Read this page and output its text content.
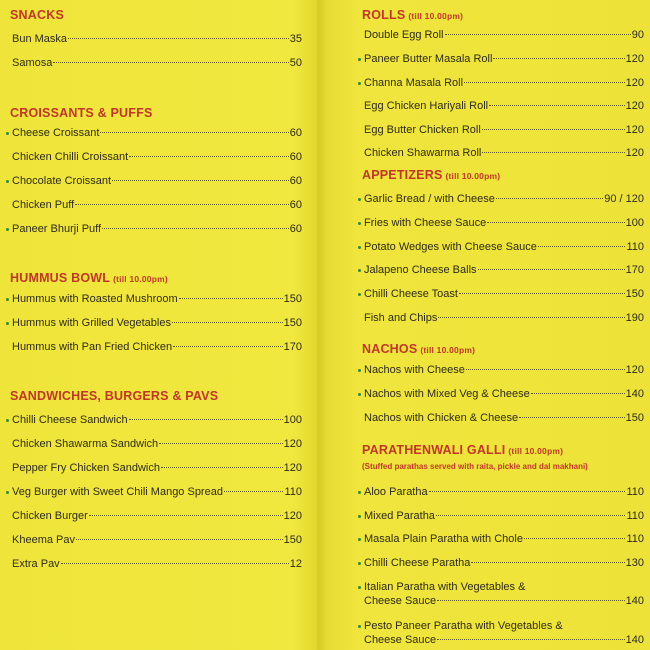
SNACKS
Bun Maska	35
Samosa	50
CROISSANTS & PUFFS
Cheese Croissant	60
Chicken Chilli Croissant	60
Chocolate Croissant	60
Chicken Puff	60
Paneer Bhurji Puff	60
HUMMUS BOWL (till 10.00pm)
Hummus with Roasted Mushroom	150
Hummus with Grilled Vegetables	150
Hummus with Pan Fried Chicken	170
SANDWICHES, BURGERS & PAVS
Chilli Cheese Sandwich	100
Chicken Shawarma Sandwich	120
Pepper Fry Chicken Sandwich	120
Veg Burger with Sweet Chili Mango Spread	110
Chicken Burger	120
Kheema Pav	150
Extra Pav	12
ROLLS (till 10.00pm)
Double Egg Roll	90
Paneer Butter Masala Roll	120
Channa Masala Roll	120
Egg Chicken Hariyali Roll	120
Egg Butter Chicken Roll	120
Chicken Shawarma Roll	120
APPETIZERS (till 10.00pm)
Garlic Bread / with Cheese	90 / 120
Fries with Cheese Sauce	100
Potato Wedges with Cheese Sauce	110
Jalapeno Cheese Balls	170
Chilli Cheese Toast	150
Fish and Chips	190
NACHOS (till 10.00pm)
Nachos with Cheese	120
Nachos with Mixed Veg & Cheese	140
Nachos with Chicken & Cheese	150
PARATHENWALI GALLI (till 10.00pm)
(Stuffed parathas served with raita, pickle and dal makhani)
Aloo Paratha	110
Mixed Paratha	110
Masala Plain Paratha with Chole	110
Chilli Cheese Paratha	130
Italian Paratha with Vegetables &
Cheese Sauce	140
Pesto Paneer Paratha with Vegetables &
Cheese Sauce	140
